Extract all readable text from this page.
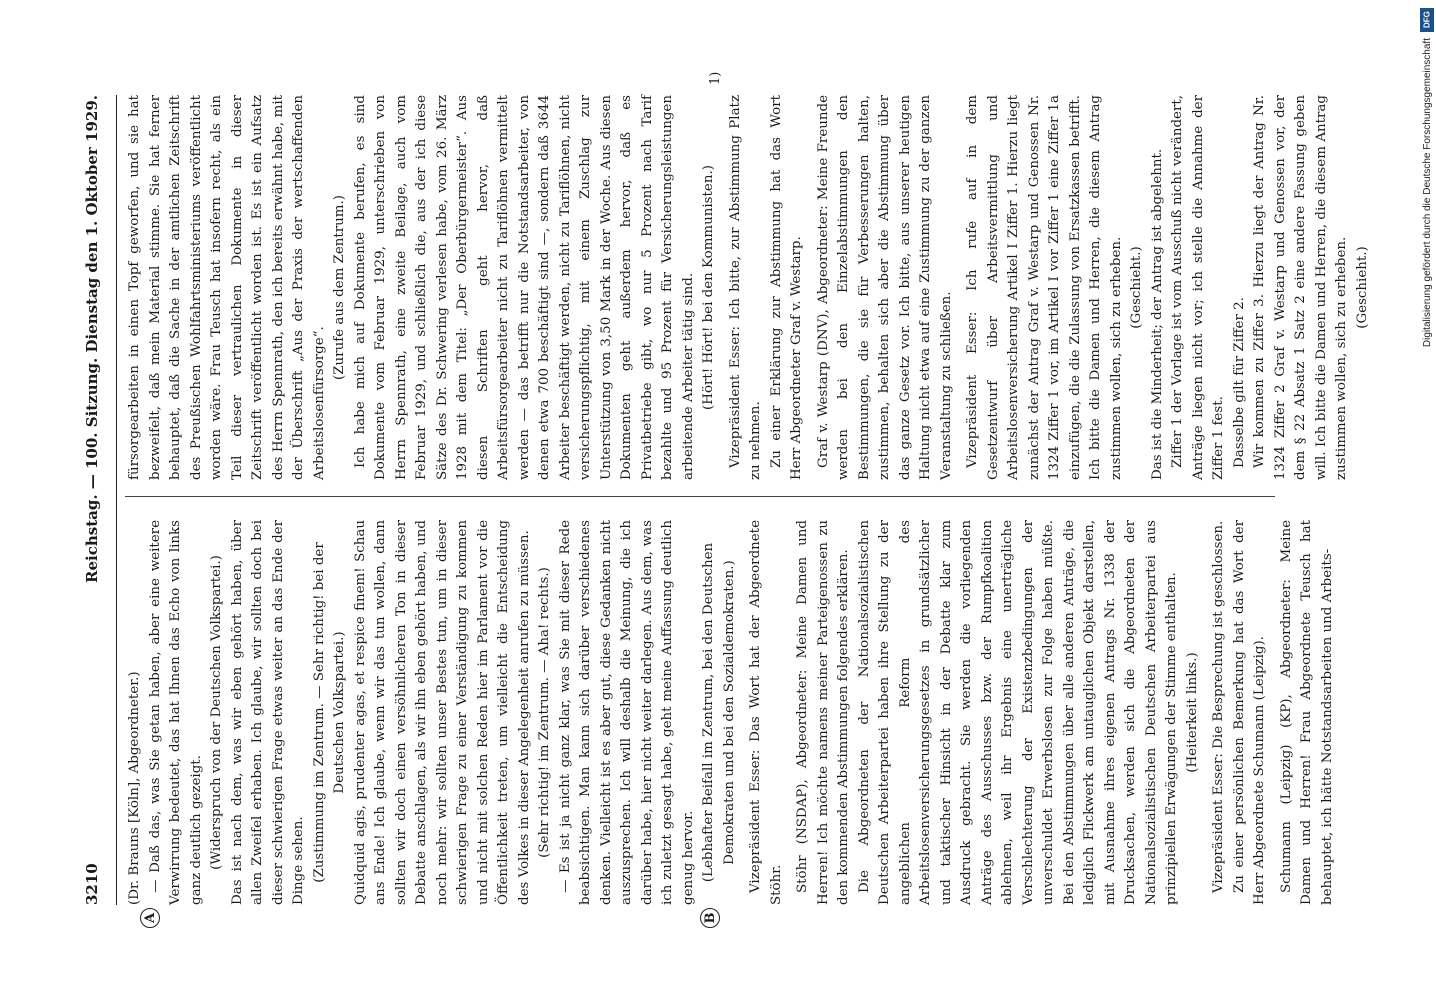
3210
Reichstag. — 100. Sitzung. Dienstag den 1. Oktober 1929.
A	B
1)

(Dr. Brauns [Köln], Abgeordneter.) — Daß das, was Sie getan haben, aber eine weitere Verwirrung bedeutet, das hat Ihnen das Echo von links ganz deutlich gezeigt. (Widerspruch von der Deutschen Volkspartei.) Das ist nach dem, was wir eben gehört haben, über allen Zweifel erhaben. Ich glaube, wir sollten doch bei dieser schwierigen Frage etwas weiter an das Ende der Dinge sehen. (Zustimmung im Zentrum. — Sehr richtig! bei der Deutschen Volkspartei.) Quidquid agis, prudenter agas, et respice finem! Schau ans Ende! Ich glaube, wenn wir das tun wollen, dann sollten wir doch einen versöhnlicheren Ton in dieser Debatte anschlagen, als wir ihn eben gehört haben, und noch mehr: wir sollten unser Bestes tun, um in dieser schwierigen Frage zu einer Verständigung zu kommen und nicht mit solchen Reden hier im Parlament vor die Öffentlichkeit treten, um vielleicht die Entscheidung des Volkes in dieser Angelegenheit anrufen zu müssen. (Sehr richtig! im Zentrum. — Aha! rechts.) — Es ist ja nicht ganz klar, was Sie mit dieser Rede beabsichtigen. Man kann sich darüber verschiedenes denken. Vielleicht ist es aber gut, diese Gedanken nicht auszusprechen. Ich will deshalb die Meinung, die ich darüber habe, hier nicht weiter darlegen. Aus dem, was ich zuletzt gesagt habe, geht meine Auffassung deutlich genug hervor. (Lebhafter Beifall im Zentrum, bei den Deutschen Demokraten und bei den Sozialdemokraten.) Vizepräsident Esser: Das Wort hat der Abgeordnete Stöhr. Stöhr (NSDAP), Abgeordneter: Meine Damen und Herren! Ich möchte namens meiner Parteigenossen zu den kommenden Abstimmungen folgendes erklären. Die Abgeordneten der Nationalsozialistischen Deutschen Arbeiterpartei haben ihre Stellung zu der angeblichen Reform des Arbeitslosenversicherungsgesetzes in grundsätzlicher und taktischer Hinsicht in der Debatte klar zum Ausdruck gebracht. Sie werden die vorliegenden Anträge des Ausschusses bzw. der Rumpfkoalition ablehnen, weil ihr Ergebnis eine unerträgliche Verschlechterung der Existenzbedingungen der unverschuldet Erwerbslosen zur Folge haben müßte. Bei den Abstimmungen über alle anderen Anträge, die lediglich Flickwerk am untauglichen Objekt darstellen, mit Ausnahme ihres eigenen Antrags Nr. 1338 der Drucksachen, werden sich die Abgeordneten der Nationalsozialistischen Deutschen Arbeiterpartei aus prinzipiellen Erwägungen der Stimme enthalten. (Heiterkeit links.) Vizepräsident Esser: Die Besprechung ist geschlossen. Zu einer persönlichen Bemerkung hat das Wort der Herr Abgeordnete Schumann (Leipzig). Schumann (Leipzig) (KP), Abgeordneter: Meine Damen und Herren! Frau Abgeordnete Teusch hat behauptet, ich hätte Notstandsarbeiten und Arbeits-

fürsorgearbeiten in einen Topf geworfen, und sie hat bezweifelt, daß mein Material stimme. Sie hat ferner behauptet, daß die Sache in der amtlichen Zeitschrift des Preußischen Wohlfahrtsministeriums veröffentlicht worden wäre. Frau Teusch hat insofern recht, als ein Teil dieser vertraulichen Dokumente in dieser Zeitschrift veröffentlicht worden ist. Es ist ein Aufsatz des Herrn Spennrath, den ich bereits erwähnt habe, mit der Überschrift „Aus der Praxis der wertschaffenden Arbeitslosenfürsorge“.

(Zurufe aus dem Zentrum.) Ich habe mich auf Dokumente berufen, es sind Dokumente vom Februar 1929, unterschrieben von Herrn Spennrath, eine zweite Beilage, auch vom Februar 1929, und schließlich die, aus der ich diese Sätze des Dr. Schwering verlesen habe, vom 26. März 1928 mit dem Titel: „Der Oberbürgermeister“. Aus diesen Schriften geht hervor, daß Arbeitsfürsorgearbeiter nicht zu Tariflöhnen vermittelt werden — das betrifft nur die Notstandsarbeiter, von denen etwa 700 beschäftigt sind —, sondern daß 3644 Arbeiter beschäftigt werden, nicht zu Tariflöhnen, nicht versicherungspflichtig, mit einem Zuschlag zur Unterstützung von 3,50 Mark in der Woche. Aus diesen Dokumenten geht außerdem hervor, daß es Privatbetriebe gibt, wo nur 5 Prozent nach Tarif bezahlte und 95 Prozent für Versicherungsleistungen arbeitende Arbeiter tätig sind. (Hört! Hört! bei den Kommunisten.) Vizepräsident Esser: Ich bitte, zur Abstimmung Platz zu nehmen. Zu einer Erklärung zur Abstimmung hat das Wort Herr Abgeordneter Graf v. Westarp. Graf v. Westarp (DNV), Abgeordneter: Meine Freunde werden bei den Einzelabstimmungen den Bestimmungen, die sie für Verbesserungen halten, zustimmen, behalten sich aber die Abstimmung über das ganze Gesetz vor. Ich bitte, aus unserer heutigen Haltung nicht etwa auf eine Zustimmung zu der ganzen Veranstaltung zu schließen. Vizepräsident Esser: Ich rufe auf in dem Gesetzentwurf über Arbeitsvermittlung und Arbeitslosenversicherung Artikel I Ziffer 1. Hierzu liegt zunächst der Antrag Graf v. Westarp und Genossen Nr. 1324 Ziffer 1 vor, im Artikel I vor Ziffer 1 eine Ziffer 1a einzufügen, die die Zulassung von Ersatzkassen betrifft. Ich bitte die Damen und Herren, die diesem Antrag zustimmen wollen, sich zu erheben. (Geschieht.) Das ist die Minderheit; der Antrag ist abgelehnt. Ziffer 1 der Vorlage ist vom Ausschuß nicht verändert, Anträge liegen nicht vor; ich stelle die Annahme der Ziffer 1 fest. Dasselbe gilt für Ziffer 2. Wir kommen zu Ziffer 3. Hierzu liegt der Antrag Nr. 1324 Ziffer 2 Graf v. Westarp und Genossen vor, der dem § 22 Absatz 1 Satz 2 eine andere Fassung geben will. Ich bitte die Damen und Herren, die diesem Antrag zustimmen wollen, sich zu erheben. (Geschieht.)

DFG
Digitalisierung gefördert durch die Deutsche Forschungsgemeinschaft
